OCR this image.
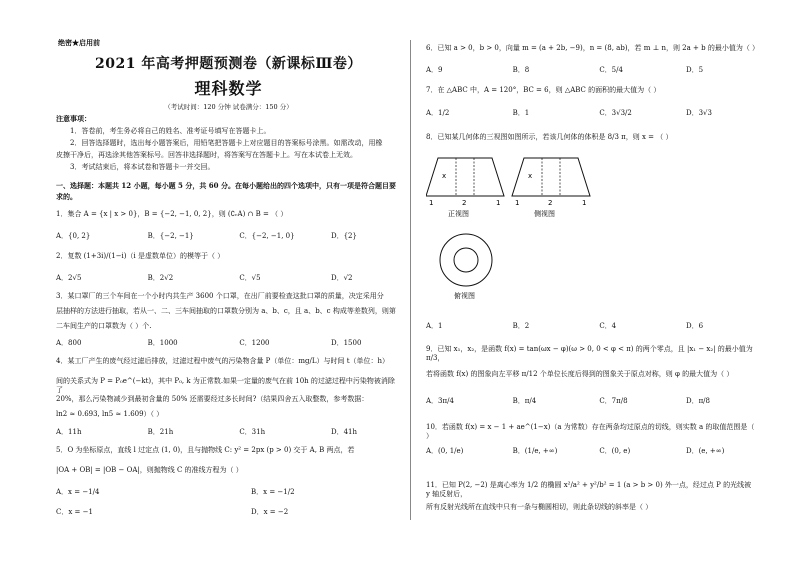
绝密★启用前
2021 年高考押题预测卷（新课标Ⅲ卷）
理科数学
（考试时间：120 分钟 试卷满分：150 分）
注意事项：
1．答卷前，考生务必将自己的姓名、准考证号填写在答题卡上。
2．回答选择题时，选出每小题答案后，用铅笔把答题卡上对应题目的答案标号涂黑。如需改动，用橡
皮擦干净后，再选涂其他答案标号。回答非选择题时，将答案写在答题卡上。写在本试卷上无效。
3．考试结束后，将本试卷和答题卡一并交回。
一、选择题：本题共 12 小题，每小题 5 分，共 60 分。在每小题给出的四个选项中，只有一项是符合题目要
求的。
1．集合 A = {x | x > 0}，B = {−2, −1, 0, 2}，则 (∁ᵣA) ∩ B = （ ）
A．{0, 2}	B．{−2, −1}	C．{−2, −1, 0}	D．{2}
2．复数 (1+3i)/(1−i)（i 是虚数单位）的模等于（ ）
A．2√5	B．2√2	C．√5	D．√2
3．某口罩厂的三个车间在一个小时内共生产 3600 个口罩，在出厂前要检查这批口罩的质量，决定采用分
层抽样的方法进行抽取，若从一、二、三车间抽取的口罩数分别为 a、b、c，且 a、b、c 构成等差数列，则第
二车间生产的口罩数为（ ）个.
A．800	B．1000	C．1200	D．1500
4．某工厂产生的废气经过滤后排放，过滤过程中废气的污染物含量 P（单位：mg/L）与时间 t（单位：h）
间的关系式为 P = P₀e^(−kt)，其中 P₀, k 为正常数.如果一定量的废气在前 10h 的过滤过程中污染物被消除了
20%，那么污染物减少到最初含量的 50% 还需要经过多长时间?（结果四舍五入取整数，参考数据：
ln2 ≈ 0.693, ln5 ≈ 1.609）（ ）
A．11h	B．21h	C．31h	D．41h
5．O 为坐标原点，直线 l 过定点 (1, 0)，且与抛物线 C: y² = 2px (p > 0) 交于 A, B 两点，若
|OA + OB| = |OB − OA|，则抛物线 C 的准线方程为（ ）
A．x = −1/4	B．x = −1/2
C．x = −1	D．x = −2
6．已知 a > 0，b > 0，向量 m = (a + 2b, −9)，n = (8, ab)，若 m ⊥ n，则 2a + b 的最小值为（ ）
A．9	B．8	C．5/4	D．5
7．在 △ABC 中，A = 120°，BC = 6，则 △ABC 的面积的最大值为（ ）
A．1/2	B．1	C．3√3/2	D．3√3
8．已知某几何体的三视图如图所示，若该几何体的体积是 8/3 π，则 x = （ ）
x
1	2	1
正视图
x
1	2	1
侧视图
俯视图
A．1	B．2	C．4	D．6
9．已知 x₁，x₂，是函数 f(x) = tan(ωx − φ)(ω > 0, 0 < φ < π) 的两个零点，且 |x₁ − x₂| 的最小值为 π/3，
若将函数 f(x) 的图象向左平移 π/12 个单位长度后得到的图象关于原点对称，则 φ 的最大值为（ ）
A．3π/4	B．π/4	C．7π/8	D．π/8
10．若函数 f(x) = x − 1 + ae^(1−x)（a 为常数）存在两条均过原点的切线，则实数 a 的取值范围是（ ）
A．(0, 1/e)	B．(1/e, +∞)	C．(0, e)	D．(e, +∞)
11．已知 P(2, −2) 是离心率为 1/2 的椭圆 x²/a² + y²/b² = 1 (a > b > 0) 外一点，经过点 P 的光线被 y 轴反射后，
所有反射光线所在直线中只有一条与椭圆相切，则此条切线的斜率是（ ）
